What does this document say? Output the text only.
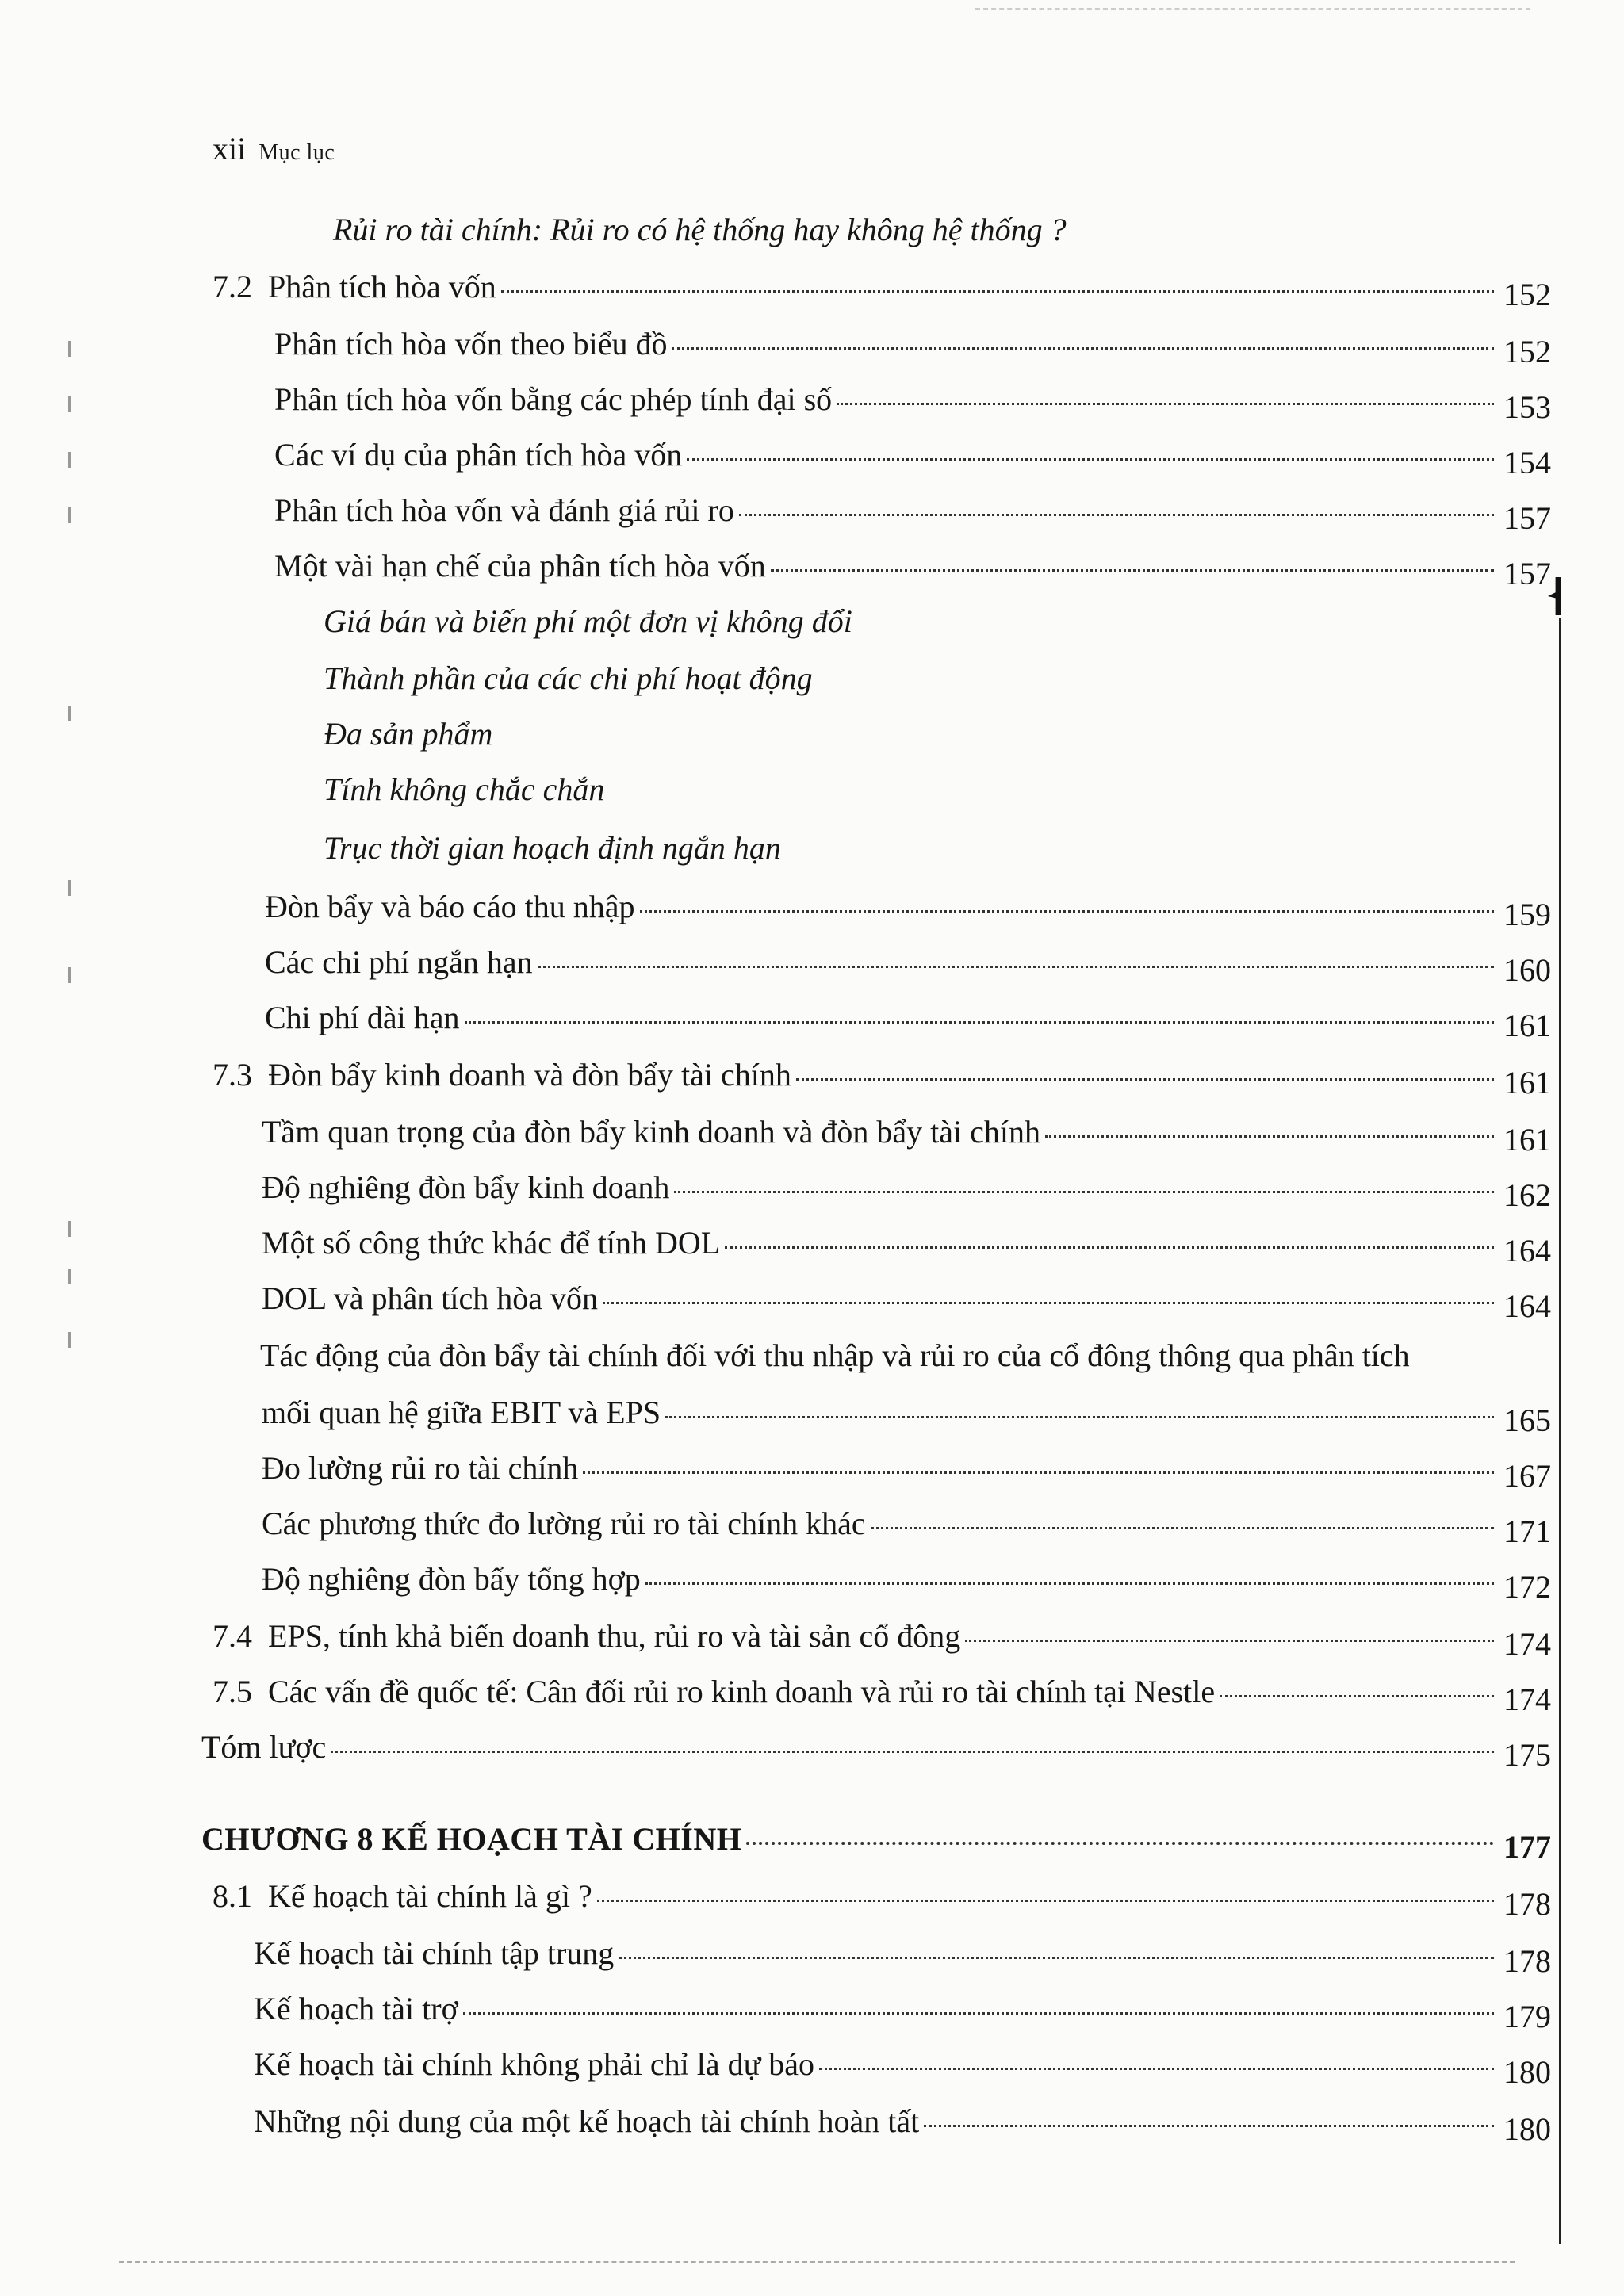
xii Mục lục
Rủi ro tài chính: Rủi ro có hệ thống hay không hệ thống ?
7.2 Phân tích hòa vốn	152
Phân tích hòa vốn theo biểu đồ	152
Phân tích hòa vốn bằng các phép tính đại số	153
Các ví dụ của phân tích hòa vốn	154
Phân tích hòa vốn và đánh giá rủi ro	157
Một vài hạn chế của phân tích hòa vốn	157
Giá bán và biến phí một đơn vị không đổi
Thành phần của các chi phí hoạt động
Đa sản phẩm
Tính không chắc chắn
Trục thời gian hoạch định ngắn hạn
Đòn bẩy và báo cáo thu nhập	159
Các chi phí ngắn hạn	160
Chi phí dài hạn	161
7.3 Đòn bẩy kinh doanh và đòn bẩy tài chính	161
Tầm quan trọng của đòn bẩy kinh doanh và đòn bẩy tài chính	161
Độ nghiêng đòn bẩy kinh doanh	162
Một số công thức khác để tính DOL	164
DOL và phân tích hòa vốn	164
Tác động của đòn bẩy tài chính đối với thu nhập và rủi ro của cổ đông thông qua phân tích
mối quan hệ giữa EBIT và EPS	165
Đo lường rủi ro tài chính	167
Các phương thức đo lường rủi ro tài chính khác	171
Độ nghiêng đòn bẩy tổng hợp	172
7.4 EPS, tính khả biến doanh thu, rủi ro và tài sản cổ đông	174
7.5 Các vấn đề quốc tế: Cân đối rủi ro kinh doanh và rủi ro tài chính tại Nestle	174
Tóm lược	175
CHƯƠNG 8 KẾ HOẠCH TÀI CHÍNH	177
8.1 Kế hoạch tài chính là gì ?	178
Kế hoạch tài chính tập trung	178
Kế hoạch tài trợ	179
Kế hoạch tài chính không phải chỉ là dự báo	180
Những nội dung của một kế hoạch tài chính hoàn tất	180
